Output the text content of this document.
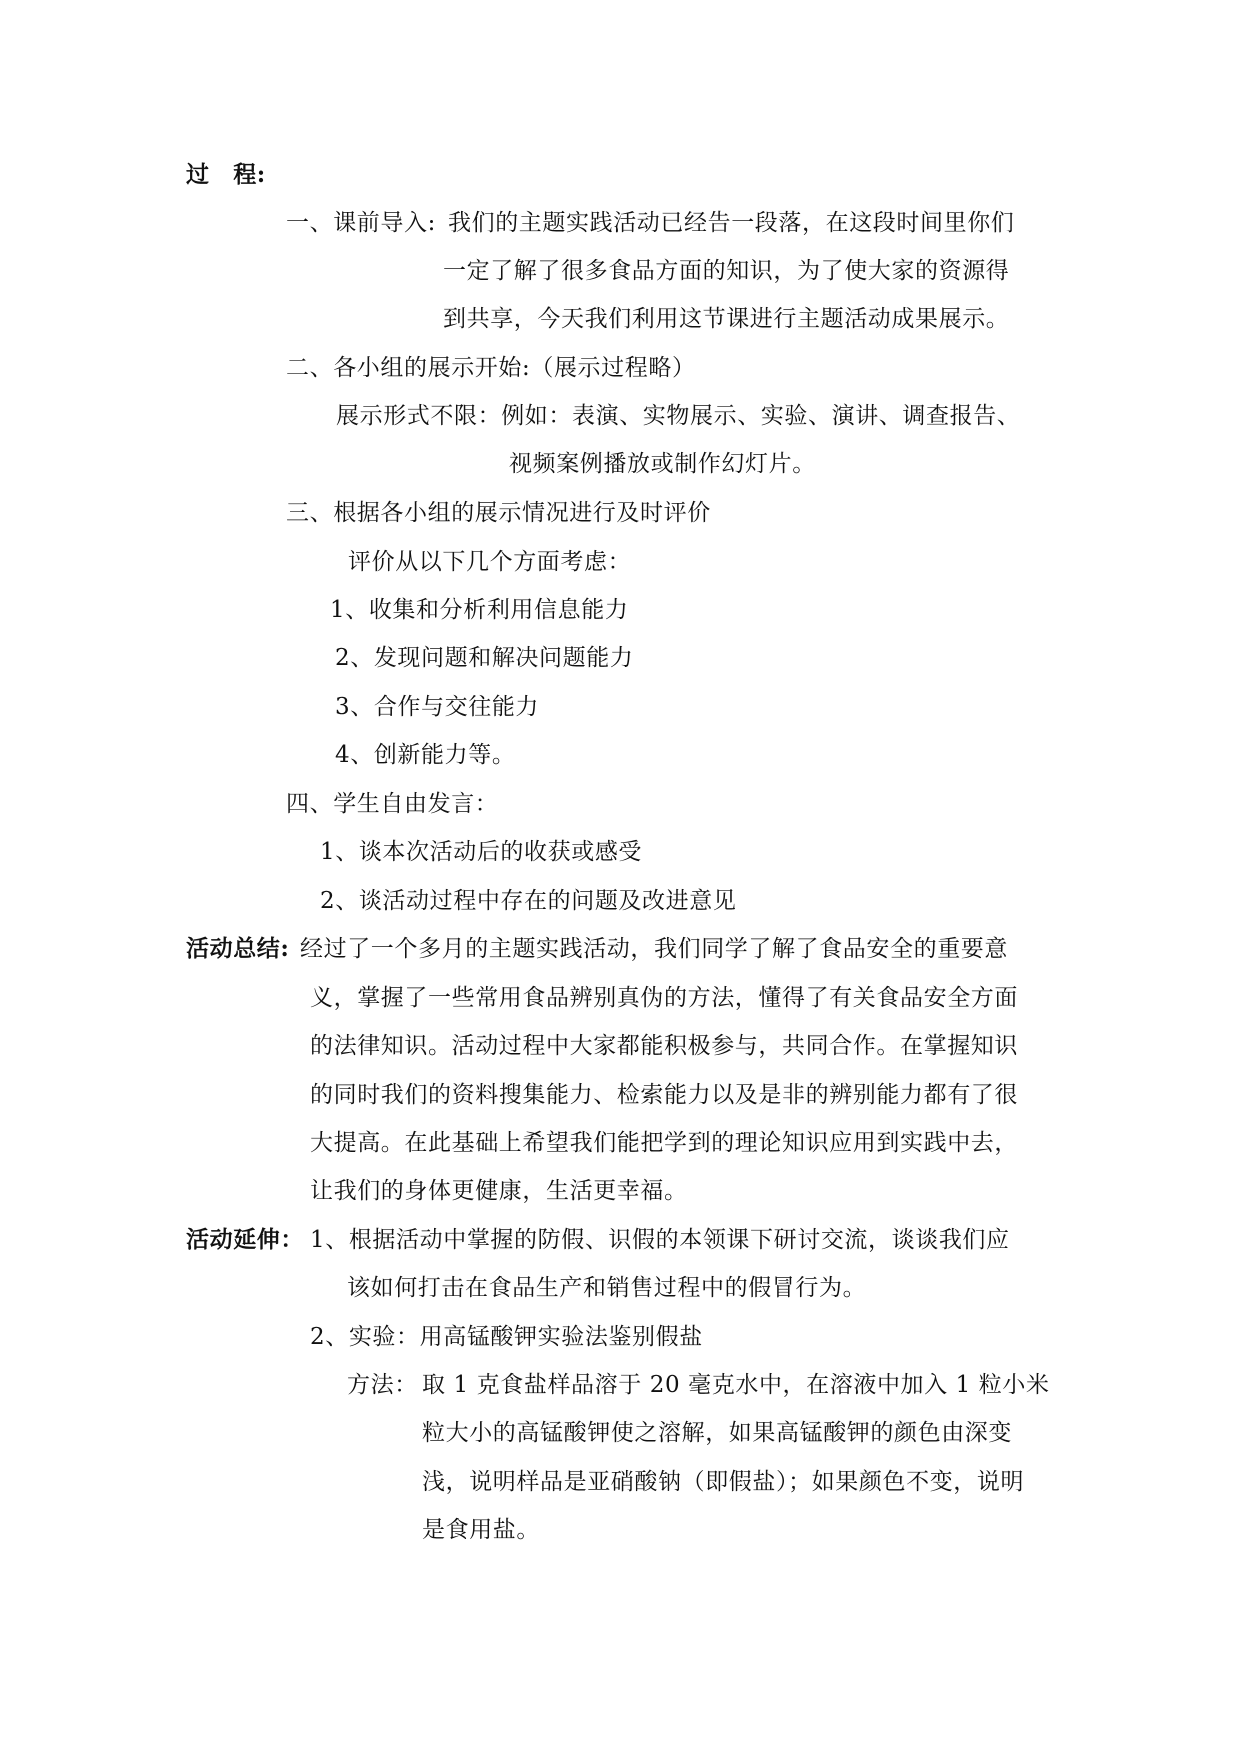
过　程:
一、课前导入: 我们的主题实践活动已经告一段落，在这段时间里你们
一定了解了很多食品方面的知识，为了使大家的资源得
到共享，今天我们利用这节课进行主题活动成果展示。
二、各小组的展示开始:（展示过程略）
展示形式不限：例如：表演、实物展示、实验、演讲、调查报告、
视频案例播放或制作幻灯片。
三、根据各小组的展示情况进行及时评价
评价从以下几个方面考虑：
1、收集和分析利用信息能力
2、发现问题和解决问题能力
3、合作与交往能力
4、创新能力等。
四、学生自由发言：
1、谈本次活动后的收获或感受
2、谈活动过程中存在的问题及改进意见
活动总结: 经过了一个多月的主题实践活动，我们同学了解了食品安全的重要意
义，掌握了一些常用食品辨别真伪的方法，懂得了有关食品安全方面
的法律知识。活动过程中大家都能积极参与，共同合作。在掌握知识
的同时我们的资料搜集能力、检索能力以及是非的辨别能力都有了很
大提高。在此基础上希望我们能把学到的理论知识应用到实践中去，
让我们的身体更健康，生活更幸福。
活动延伸： 1、根据活动中掌握的防假、识假的本领课下研讨交流，谈谈我们应
该如何打击在食品生产和销售过程中的假冒行为。
2、实验：用高锰酸钾实验法鉴别假盐
方法： 取 1 克食盐样品溶于 20 毫克水中，在溶液中加入 1 粒小米
粒大小的高锰酸钾使之溶解，如果高锰酸钾的颜色由深变
浅，说明样品是亚硝酸钠（即假盐）；如果颜色不变，说明
是食用盐。
